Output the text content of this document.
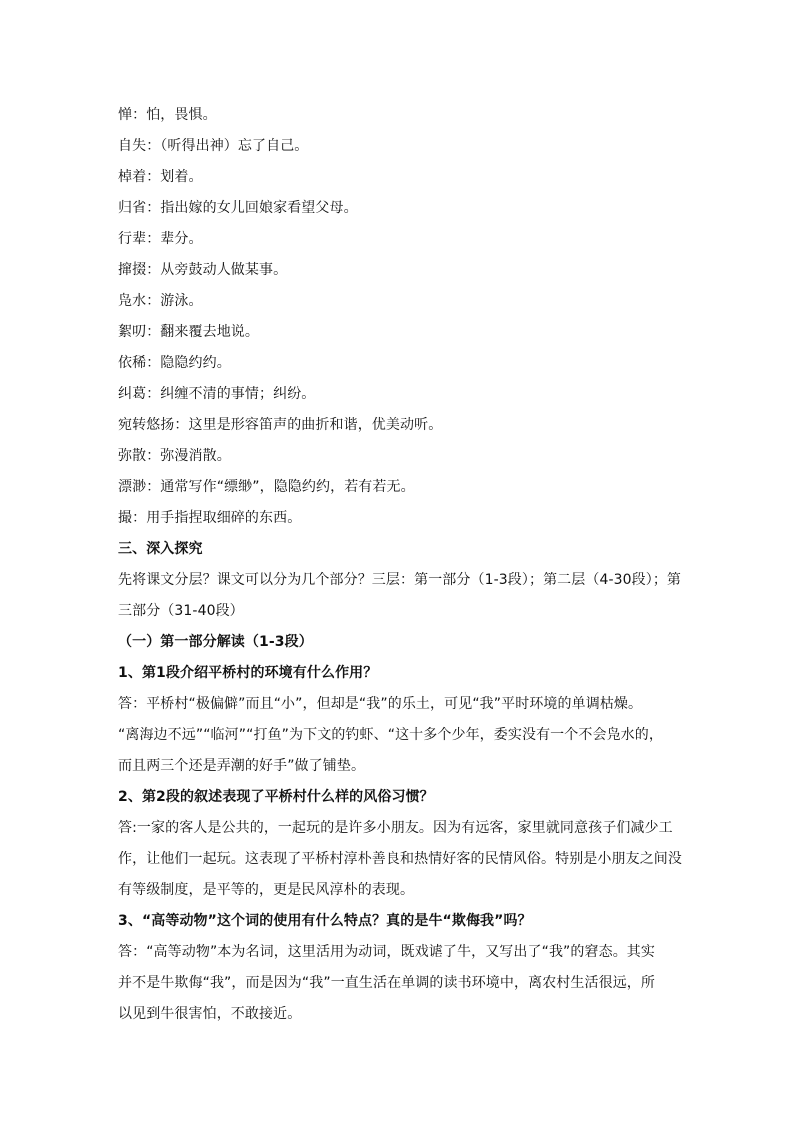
惮：怕，畏惧。
自失：（听得出神）忘了自己。
棹着：划着。
归省：指出嫁的女儿回娘家看望父母。
行辈：辈分。
撺掇：从旁鼓动人做某事。
凫水：游泳。
絮叨：翻来覆去地说。
依稀：隐隐约约。
纠葛：纠缠不清的事情；纠纷。
宛转悠扬：这里是形容笛声的曲折和谐，优美动听。
弥散：弥漫消散。
漂渺：通常写作“缥缈”，隐隐约约，若有若无。
撮：用手指捏取细碎的东西。
三、深入探究
先将课文分层？课文可以分为几个部分？三层：第一部分（1-3段）；第二层（4-30段）；第
三部分（31-40段）
（一）第一部分解读（1-3段）
1、第1段介绍平桥村的环境有什么作用？
答：平桥村“极偏僻”而且“小”，但却是“我”的乐土，可见“我”平时环境的单调枯燥。
“离海边不远”“临河”“打鱼”为下文的钓虾、“这十多个少年，委实没有一个不会凫水的，
而且两三个还是弄潮的好手”做了铺垫。
2、第2段的叙述表现了平桥村什么样的风俗习惯？
答:一家的客人是公共的，一起玩的是许多小朋友。因为有远客，家里就同意孩子们减少工
作，让他们一起玩。这表现了平桥村淳朴善良和热情好客的民情风俗。特别是小朋友之间没
有等级制度，是平等的，更是民风淳朴的表现。
3、“高等动物”这个词的使用有什么特点？真的是牛“欺侮我”吗？
答：“高等动物”本为名词，这里活用为动词，既戏谑了牛，又写出了“我”的窘态。其实
并不是牛欺侮“我”，而是因为“我”一直生活在单调的读书环境中，离农村生活很远，所
以见到牛很害怕，不敢接近。
